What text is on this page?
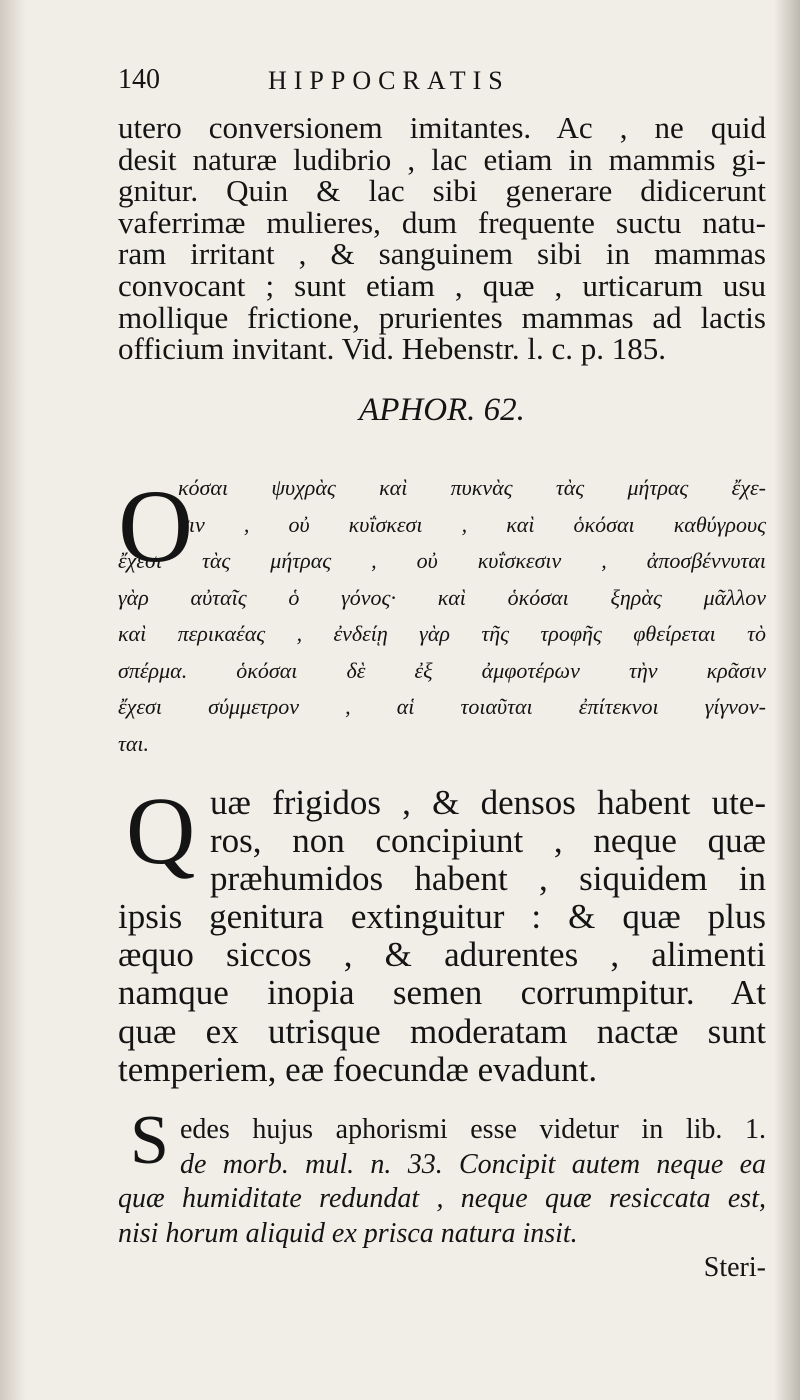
140	HIPPOCRATIS
utero conversionem imitantes. Ac , ne quid
desit naturæ ludibrio , lac etiam in mammis gi-
gnitur. Quin & lac sibi generare didicerunt
vaferrimæ mulieres, dum frequente suctu natu-
ram irritant , & sanguinem sibi in mammas
convocant ; sunt etiam , quæ , urticarum usu
mollique frictione, prurientes mammas ad lactis
officium invitant. Vid. Hebenstr. l. c. p. 185.
APHOR. 62.
O
κόσαι ψυχρὰς καὶ πυκνὰς τὰς μήτρας ἔχε-
σιν , οὐ κυΐσκεσι , καὶ ὁκόσαι καθύγρους
ἔχεσι τὰς μήτρας , οὐ κυΐσκεσιν , ἀποσβέννυται
γὰρ αὐταῖς ὁ γόνος· καὶ ὁκόσαι ξηρὰς μᾶλλον
καὶ περικαέας , ἐνδείῃ γὰρ τῆς τροφῆς φθείρεται τὸ
σπέρμα. ὁκόσαι δὲ ἐξ ἀμφοτέρων τὴν κρᾶσιν
ἔχεσι σύμμετρον , αἱ τοιαῦται ἐπίτεκνοι γίγνον-
ται.
Q uæ frigidos , & densos habent ute-
ros, non concipiunt , neque quæ
præhumidos habent , siquidem in
ipsis genitura extinguitur : & quæ plus
æquo siccos , & adurentes , alimenti
namque inopia semen corrumpitur. At
quæ ex utrisque moderatam nactæ sunt
temperiem, eæ foecundæ evadunt.
S edes hujus aphorismi esse videtur in lib. 1.
de morb. mul. n. 33. Concipit autem neque ea
quæ humiditate redundat , neque quæ resiccata est,
nisi horum aliquid ex prisca natura insit.
Steri-
